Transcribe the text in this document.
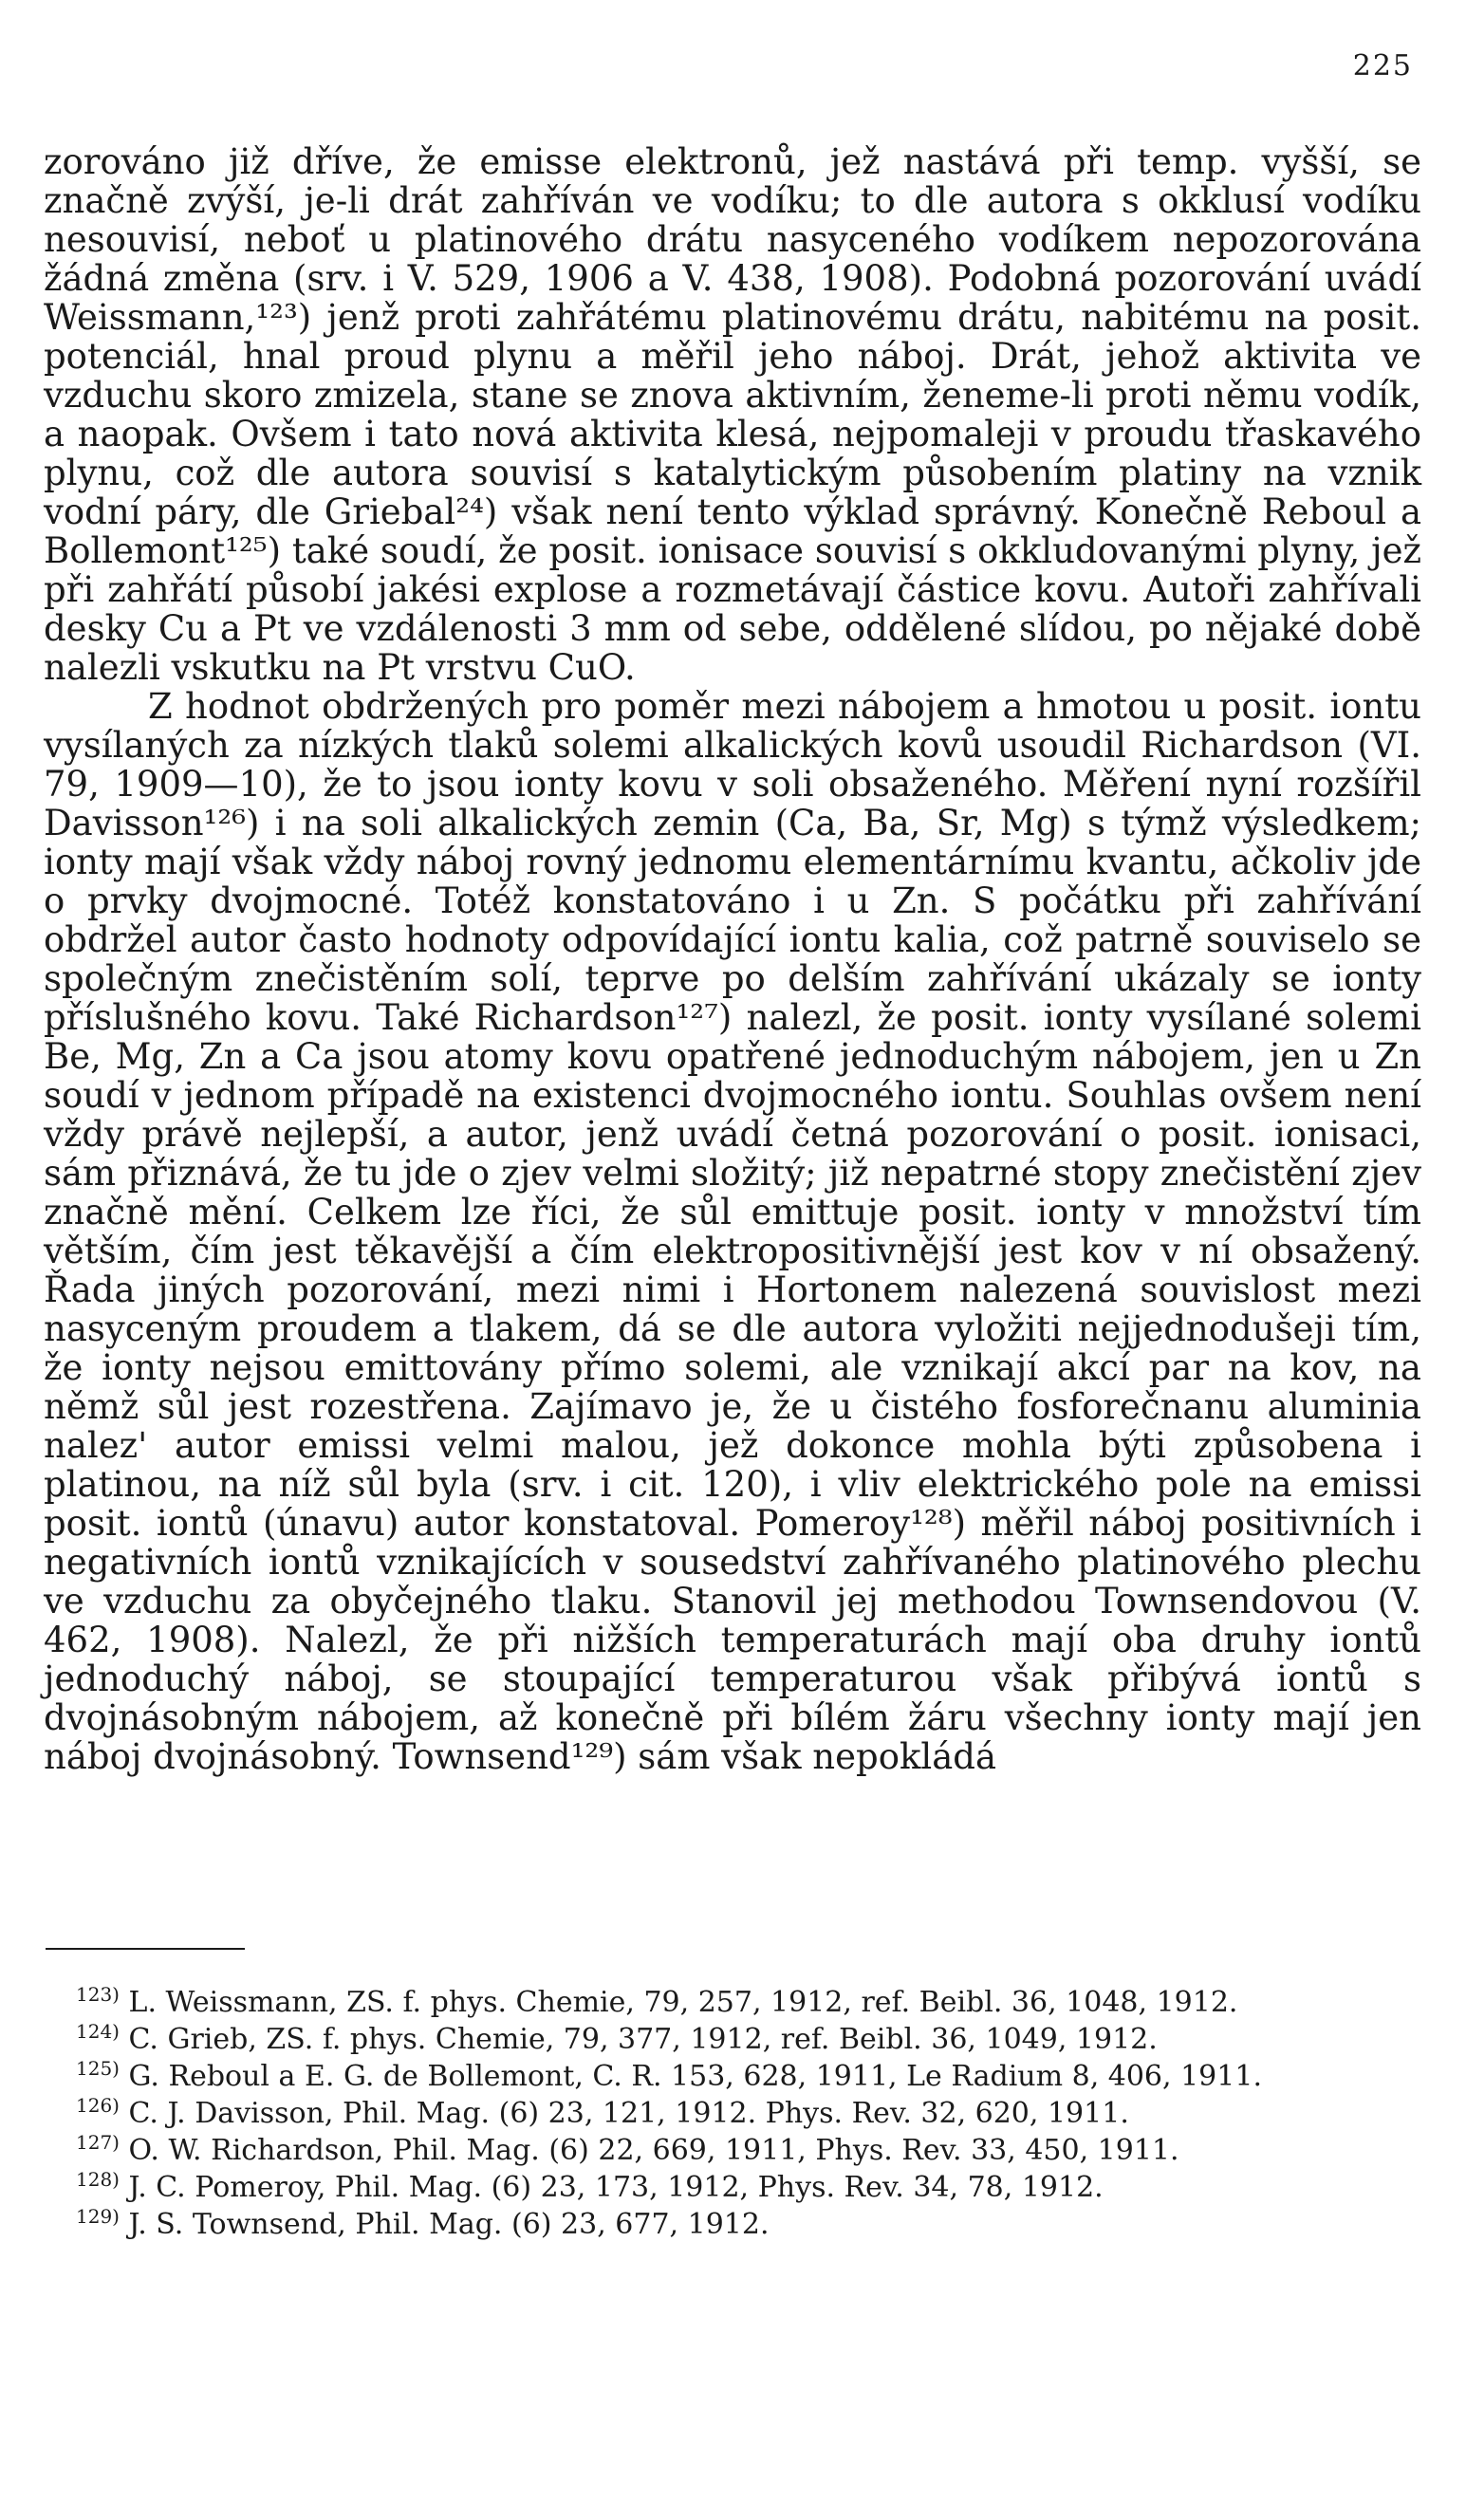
225

zorováno již dříve, že emisse elektronů, jež nastává při temp. vyšší, se značně zvýší, je-li drát zahříván ve vodíku; to dle autora s okklusí vodíku nesouvisí, neboť u platinového drátu nasyceného vodíkem nepozorována žádná změna (srv. i V. 529, 1906 a V. 438, 1908). Podobná pozorování uvádí Weissmann,¹²³) jenž proti zahřátému platinovému drátu, nabitému na posit. potenciál, hnal proud plynu a měřil jeho náboj. Drát, jehož aktivita ve vzduchu skoro zmizela, stane se znova aktivním, ženeme-li proti němu vodík, a naopak. Ovšem i tato nová aktivita klesá, nejpomaleji v proudu třaskavého plynu, což dle autora souvisí s katalytickým působením platiny na vznik vodní páry, dle Griebal²⁴) však není tento výklad správný. Konečně Reboul a Bollemont¹²⁵) také soudí, že posit. ionisace souvisí s okkludovanými plyny, jež při zahřátí působí jakési explose a rozmetávají částice kovu. Autoři zahřívali desky Cu a Pt ve vzdálenosti 3 mm od sebe, oddělené slídou, po nějaké době nalezli vskutku na Pt vrstvu CuO.

Z hodnot obdržených pro poměr mezi nábojem a hmotou u posit. iontu vysílaných za nízkých tlaků solemi alkalických kovů usoudil Richardson (VI. 79, 1909—10), že to jsou ionty kovu v soli obsaženého. Měření nyní rozšířil Davisson¹²⁶) i na soli alkalických zemin (Ca, Ba, Sr, Mg) s týmž výsledkem; ionty mají však vždy náboj rovný jednomu elementárnímu kvantu, ačkoliv jde o prvky dvojmocné. Totéž konstatováno i u Zn. S počátku při zahřívání obdržel autor často hodnoty odpovídající iontu kalia, což patrně souviselo se společným znečistěním solí, teprve po delším zahřívání ukázaly se ionty příslušného kovu. Také Richardson¹²⁷) nalezl, že posit. ionty vysílané solemi Be, Mg, Zn a Ca jsou atomy kovu opatřené jednoduchým nábojem, jen u Zn soudí v jednom případě na existenci dvojmocného iontu. Souhlas ovšem není vždy právě nejlepší, a autor, jenž uvádí četná pozorování o posit. ionisaci, sám přiznává, že tu jde o zjev velmi složitý; již nepatrné stopy znečistění zjev značně mění. Celkem lze říci, že sůl emittuje posit. ionty v množství tím větším, čím jest těkavější a čím elektropositivnější jest kov v ní obsažený. Řada jiných pozorování, mezi nimi i Hortonem nalezená souvislost mezi nasyceným proudem a tlakem, dá se dle autora vyložiti nejjednodušeji tím, že ionty nejsou emittovány přímo solemi, ale vznikají akcí par na kov, na němž sůl jest rozestřena. Zajímavo je, že u čistého fosforečnanu aluminia nalez' autor emissi velmi malou, jež dokonce mohla býti způsobena i platinou, na níž sůl byla (srv. i cit. 120), i vliv elektrického pole na emissi posit. iontů (únavu) autor konstatoval. Pomeroy¹²⁸) měřil náboj positivních i negativních iontů vznikajících v sousedství zahřívaného platinového plechu ve vzduchu za obyčejného tlaku. Stanovil jej methodou Townsendovou (V. 462, 1908). Nalezl, že při nižších temperaturách mají oba druhy iontů jednoduchý náboj, se stoupající temperaturou však přibývá iontů s dvojnásobným nábojem, až konečně při bílém žáru všechny ionty mají jen náboj dvojnásobný. Townsend¹²⁹) sám však nepokládá

$^{123)}$ L. Weissmann, ZS. f. phys. Chemie, 79, 257, 1912, ref. Beibl. 36, 1048, 1912.

$^{124)}$ C. Grieb, ZS. f. phys. Chemie, 79, 377, 1912, ref. Beibl. 36, 1049, 1912.

$^{125)}$ G. Reboul a E. G. de Bollemont, C. R. 153, 628, 1911, Le Radium 8, 406, 1911.

$^{126)}$ C. J. Davisson, Phil. Mag. (6) 23, 121, 1912. Phys. Rev. 32, 620, 1911.

$^{127)}$ O. W. Richardson, Phil. Mag. (6) 22, 669, 1911, Phys. Rev. 33, 450, 1911.

$^{128)}$ J. C. Pomeroy, Phil. Mag. (6) 23, 173, 1912, Phys. Rev. 34, 78, 1912.

$^{129)}$ J. S. Townsend, Phil. Mag. (6) 23, 677, 1912.
